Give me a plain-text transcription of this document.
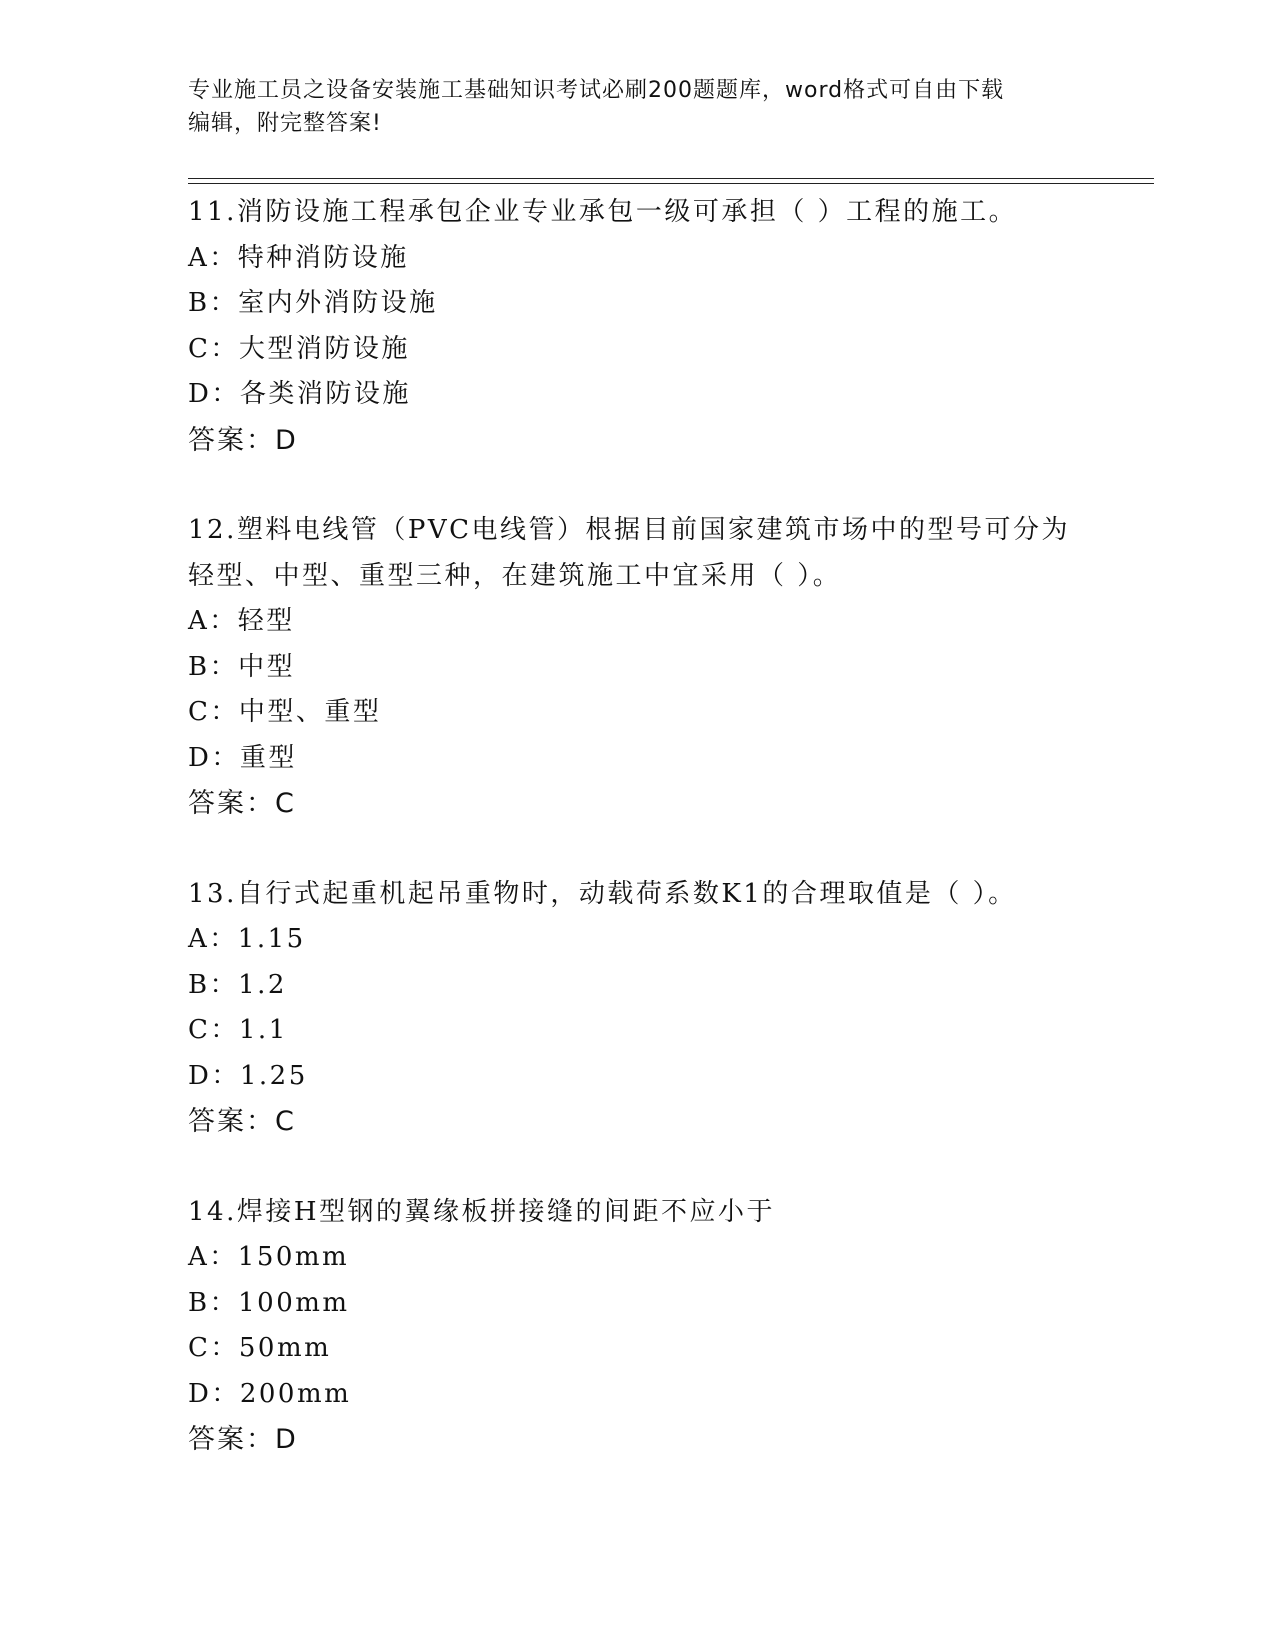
专业施工员之设备安装施工基础知识考试必刷200题题库，word格式可自由下载
编辑，附完整答案!
11.消防设施工程承包企业专业承包一级可承担（ ）工程的施工。
A：特种消防设施
B：室内外消防设施
C：大型消防设施
D：各类消防设施
答案：D
12.塑料电线管（PVC电线管）根据目前国家建筑市场中的型号可分为
轻型、中型、重型三种，在建筑施工中宜采用（ ）。
A：轻型
B：中型
C：中型、重型
D：重型
答案：C
13.自行式起重机起吊重物时，动载荷系数K1的合理取值是（ ）。
A：1.15
B：1.2
C：1.1
D：1.25
答案：C
14.焊接H型钢的翼缘板拼接缝的间距不应小于
A：150mm
B：100mm
C：50mm
D：200mm
答案：D
